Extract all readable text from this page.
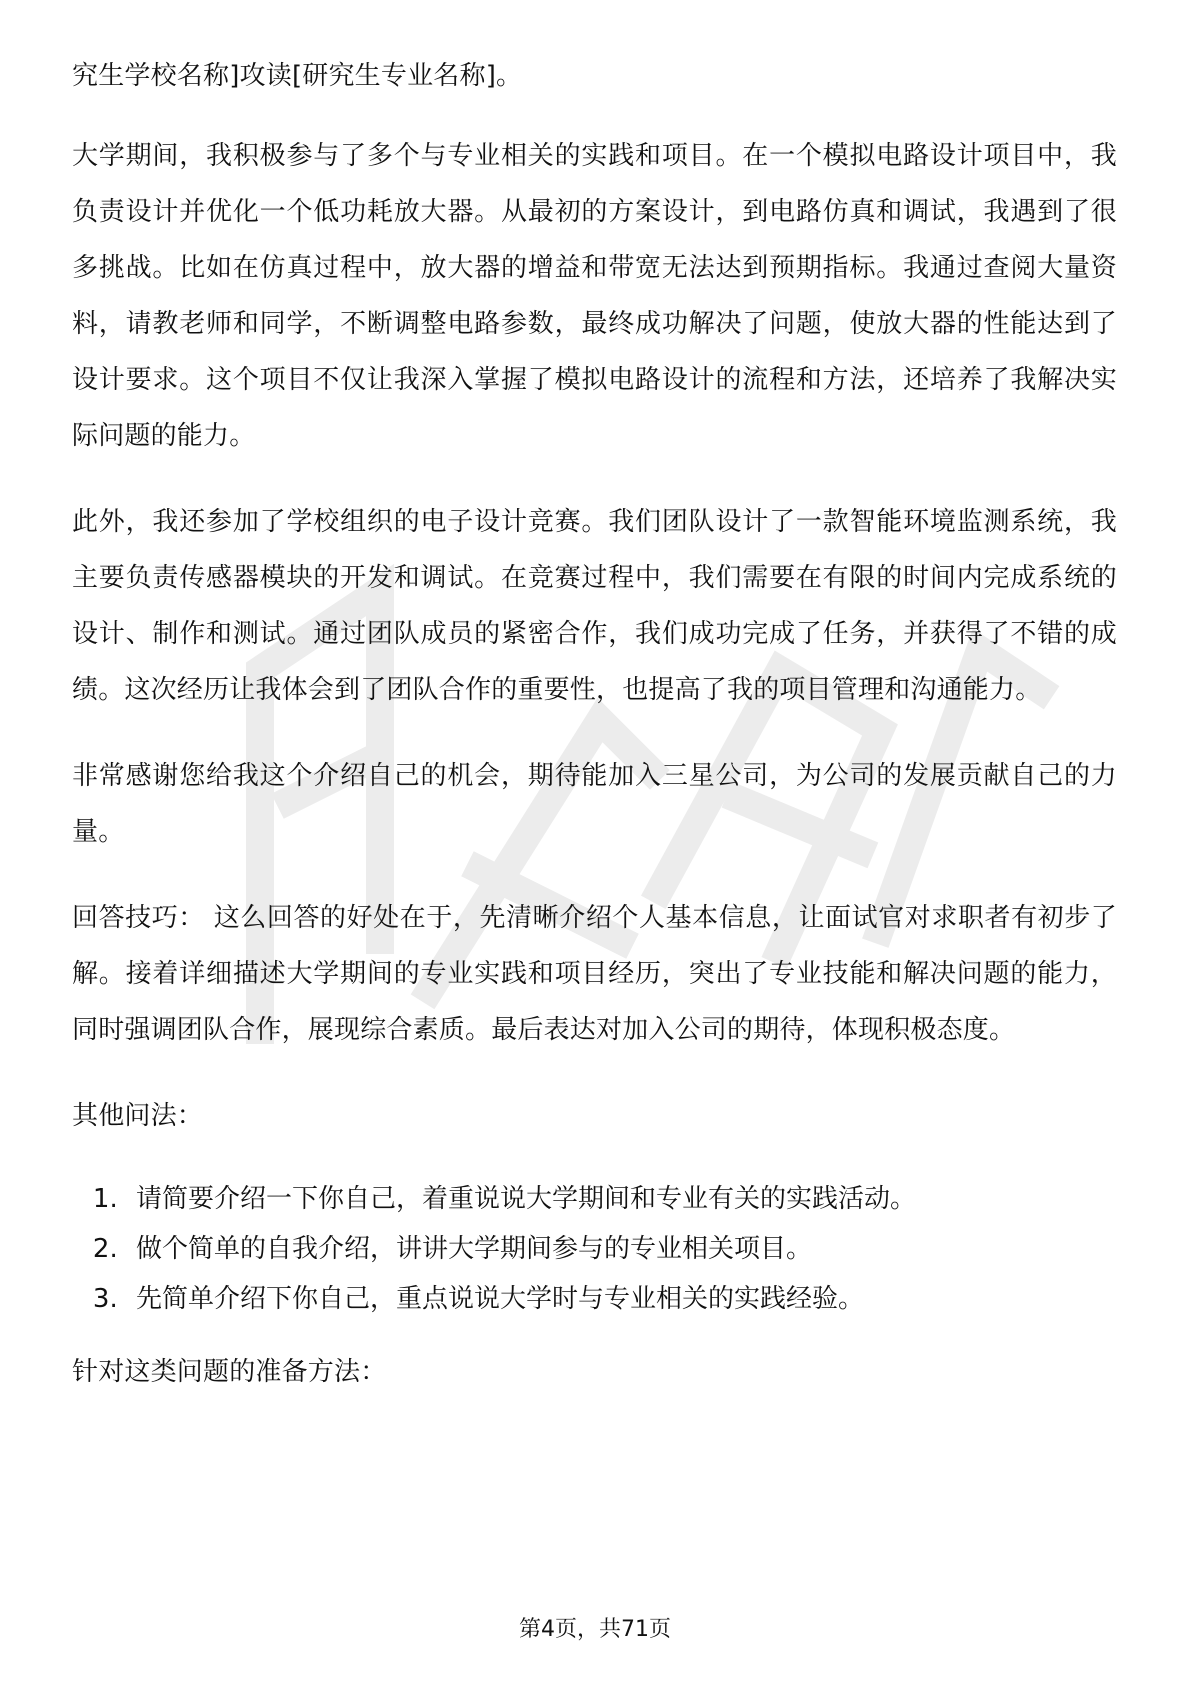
究生学校名称]攻读[研究生专业名称]。

大学期间，我积极参与了多个与专业相关的实践和项目。在一个模拟电路设计项目中，我负责设计并优化一个低功耗放大器。从最初的方案设计，到电路仿真和调试，我遇到了很多挑战。比如在仿真过程中，放大器的增益和带宽无法达到预期指标。我通过查阅大量资料，请教老师和同学，不断调整电路参数，最终成功解决了问题，使放大器的性能达到了设计要求。这个项目不仅让我深入掌握了模拟电路设计的流程和方法，还培养了我解决实际问题的能力。

此外，我还参加了学校组织的电子设计竞赛。我们团队设计了一款智能环境监测系统，我主要负责传感器模块的开发和调试。在竞赛过程中，我们需要在有限的时间内完成系统的设计、制作和测试。通过团队成员的紧密合作，我们成功完成了任务，并获得了不错的成绩。这次经历让我体会到了团队合作的重要性，也提高了我的项目管理和沟通能力。

非常感谢您给我这个介绍自己的机会，期待能加入三星公司，为公司的发展贡献自己的力量。

回答技巧： 这么回答的好处在于，先清晰介绍个人基本信息，让面试官对求职者有初步了解。接着详细描述大学期间的专业实践和项目经历，突出了专业技能和解决问题的能力，同时强调团队合作，展现综合素质。最后表达对加入公司的期待，体现积极态度。

其他问法：

1. 请简要介绍一下你自己，着重说说大学期间和专业有关的实践活动。
2. 做个简单的自我介绍，讲讲大学期间参与的专业相关项目。
3. 先简单介绍下你自己，重点说说大学时与专业相关的实践经验。

针对这类问题的准备方法：

第4页，共71页
